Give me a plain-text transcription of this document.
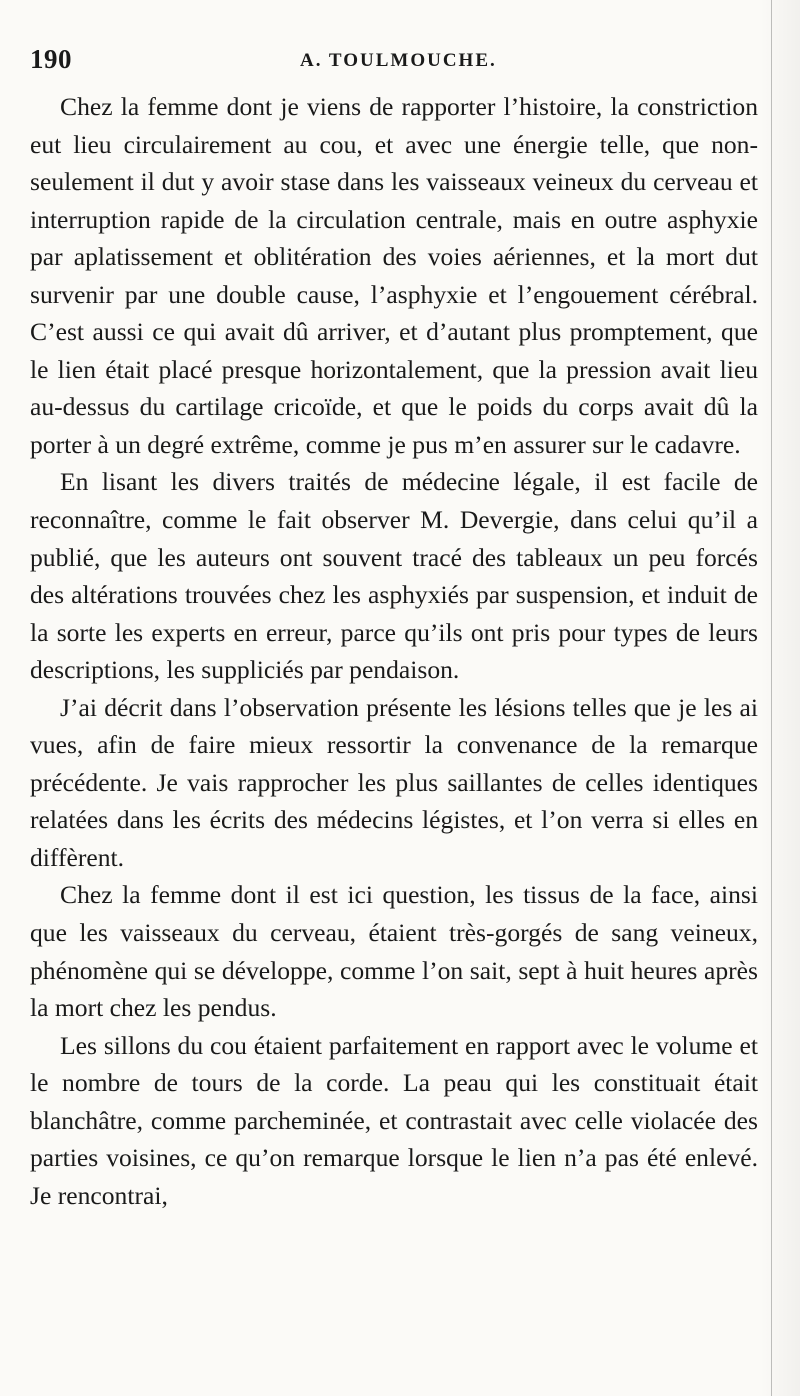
190	A. TOULMOUCHE.

Chez la femme dont je viens de rapporter l’histoire, la constriction eut lieu circulairement au cou, et avec une énergie telle, que non-seulement il dut y avoir stase dans les vaisseaux veineux du cerveau et interruption rapide de la circulation centrale, mais en outre asphyxie par aplatissement et oblitération des voies aériennes, et la mort dut survenir par une double cause, l’asphyxie et l’engouement cérébral. C’est aussi ce qui avait dû arriver, et d’autant plus promptement, que le lien était placé presque horizontalement, que la pression avait lieu au-dessus du cartilage cricoïde, et que le poids du corps avait dû la porter à un degré extrême, comme je pus m’en assurer sur le cadavre.

En lisant les divers traités de médecine légale, il est facile de reconnaître, comme le fait observer M. Devergie, dans celui qu’il a publié, que les auteurs ont souvent tracé des tableaux un peu forcés des altérations trouvées chez les asphyxiés par suspension, et induit de la sorte les experts en erreur, parce qu’ils ont pris pour types de leurs descriptions, les suppliciés par pendaison.

J’ai décrit dans l’observation présente les lésions telles que je les ai vues, afin de faire mieux ressortir la convenance de la remarque précédente. Je vais rapprocher les plus saillantes de celles identiques relatées dans les écrits des médecins légistes, et l’on verra si elles en diffèrent.

Chez la femme dont il est ici question, les tissus de la face, ainsi que les vaisseaux du cerveau, étaient très-gorgés de sang veineux, phénomène qui se développe, comme l’on sait, sept à huit heures après la mort chez les pendus.

Les sillons du cou étaient parfaitement en rapport avec le volume et le nombre de tours de la corde. La peau qui les constituait était blanchâtre, comme parcheminée, et contrastait avec celle violacée des parties voisines, ce qu’on remarque lorsque le lien n’a pas été enlevé. Je rencontrai,
